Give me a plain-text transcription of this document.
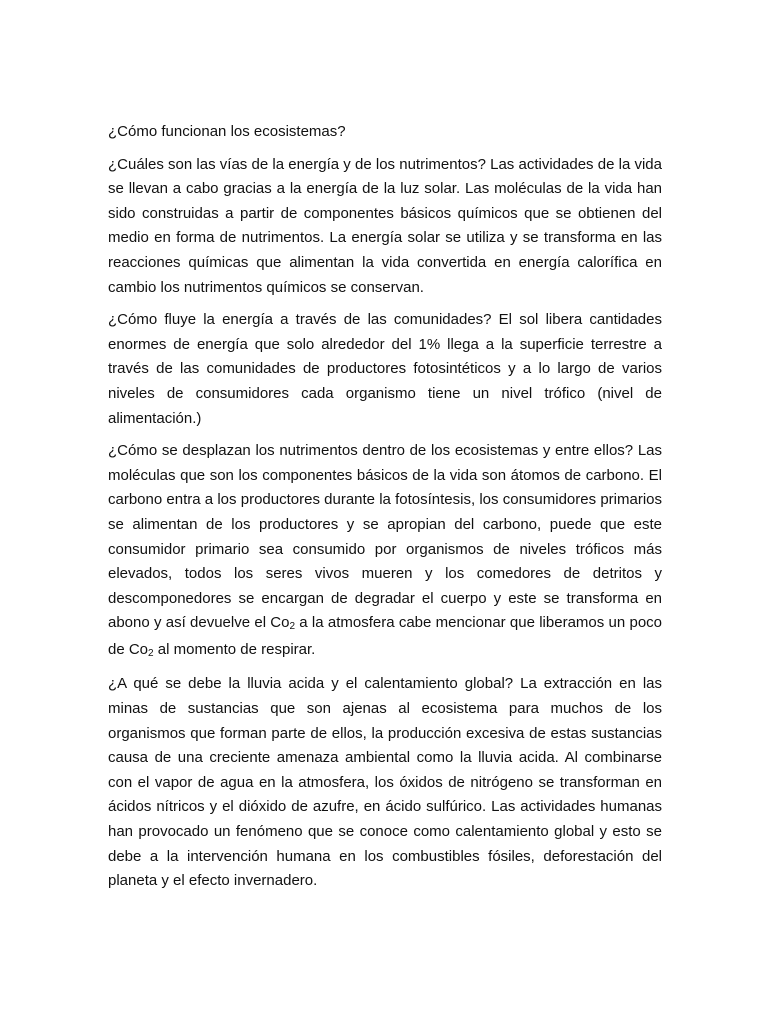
¿Cómo funcionan los ecosistemas?

¿Cuáles son las vías de la energía y de los nutrimentos? Las actividades de la vida se llevan a cabo gracias a la energía de la luz solar. Las moléculas de la vida han sido construidas a partir de componentes básicos químicos que se obtienen del medio en forma de nutrimentos. La energía solar se utiliza y se transforma en las reacciones químicas que alimentan la vida convertida en energía calorífica en cambio los nutrimentos químicos se conservan.

¿Cómo fluye la energía a través de las comunidades? El sol libera cantidades enormes de energía que solo alrededor del 1% llega a la superficie terrestre a través de las comunidades de productores fotosintéticos y a lo largo de varios niveles de consumidores cada organismo tiene un nivel trófico (nivel de alimentación.)

¿Cómo se desplazan los nutrimentos dentro de los ecosistemas y entre ellos? Las moléculas que son los componentes básicos de la vida son átomos de carbono. El carbono entra a los productores durante la fotosíntesis, los consumidores primarios se alimentan de los productores y se apropian del carbono, puede que este consumidor primario sea consumido por organismos de niveles tróficos más elevados, todos los seres vivos mueren y los comedores de detritos y descomponedores se encargan de degradar el cuerpo y este se transforma en abono y así devuelve el Co2 a la atmosfera cabe mencionar que liberamos un poco de Co2 al momento de respirar.

¿A qué se debe la lluvia acida y el calentamiento global? La extracción en las minas de sustancias que son ajenas al ecosistema para muchos de los organismos que forman parte de ellos, la producción excesiva de estas sustancias causa de una creciente amenaza ambiental como la lluvia acida. Al combinarse con el vapor de agua en la atmosfera, los óxidos de nitrógeno se transforman en ácidos nítricos y el dióxido de azufre, en ácido sulfúrico. Las actividades humanas han provocado un fenómeno que se conoce como calentamiento global y esto se debe a la intervención humana en los combustibles fósiles, deforestación del planeta y el efecto invernadero.
